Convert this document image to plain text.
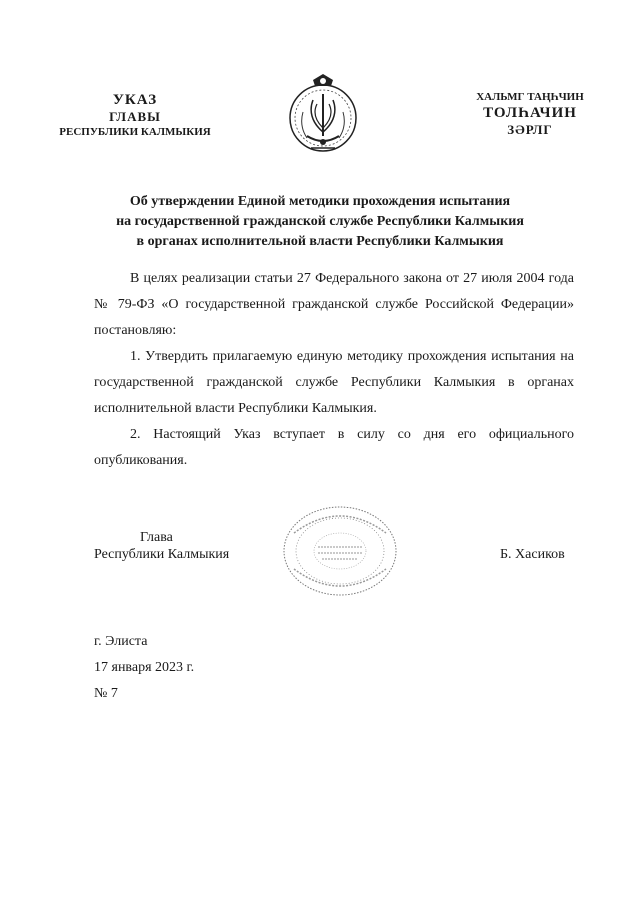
УКАЗ
ГЛАВЫ
РЕСПУБЛИКИ КАЛМЫКИЯ
ХАЛЬМГ ТАҢҺЧИН
ТОЛҺАЧИН
ЗӘРЛГ
Об утверждении Единой методики прохождения испытания
на государственной гражданской службе Республики Калмыкия
в органах исполнительной власти Республики Калмыкия
В целях реализации статьи 27 Федерального закона от 27 июля 2004 года № 79-ФЗ «О государственной гражданской службе Российской Федерации» постановляю:
1. Утвердить прилагаемую единую методику прохождения испытания на государственной гражданской службе Республики Калмыкия в органах исполнительной власти Республики Калмыкия.
2. Настоящий Указ вступает в силу со дня его официального опубликования.
Глава
Республики Калмыкия	Б. Хасиков
г. Элиста
17 января 2023 г.
№ 7
